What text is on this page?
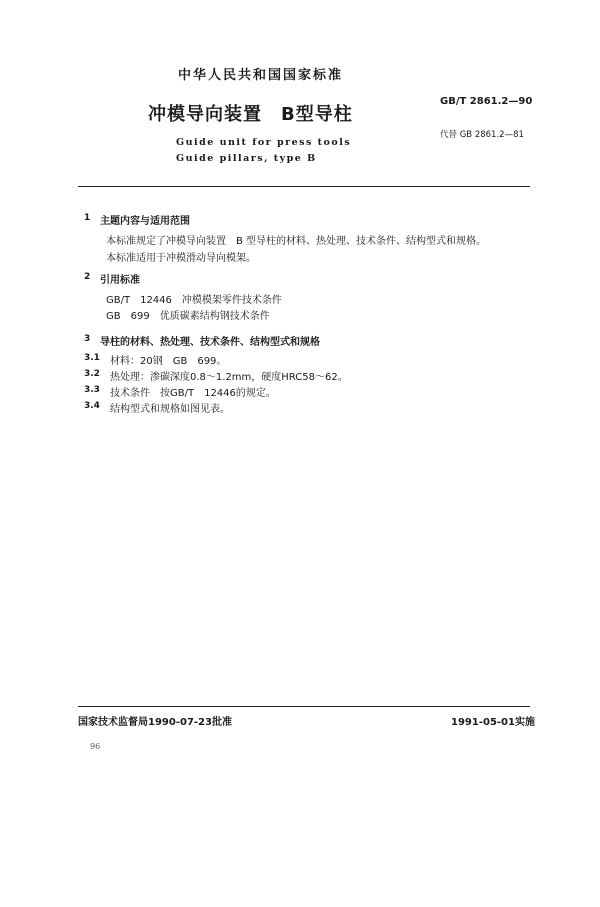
中华人民共和国国家标准
冲模导向装置　B型导柱
GB/T 2861.2—90
Guide unit for press tools
Guide pillars, type B
代替 GB 2861.2—81
1 主题内容与适用范围
本标准规定了冲模导向装置　B 型导柱的材料、热处理、技术条件、结构型式和规格。
本标准适用于冲模滑动导向模架。
2 引用标准
GB/T　12446　冲模模架零件技术条件
GB　699　优质碳素结构钢技术条件
3 导柱的材料、热处理、技术条件、结构型式和规格
3.1 材料：20钢　GB　699。
3.2 热处理：渗碳深度0.8～1.2mm，硬度HRC58～62。
3.3 技术条件　按GB/T　12446的规定。
3.4 结构型式和规格如图见表。
国家技术监督局1990-07-23批准	1991-05-01实施
96
